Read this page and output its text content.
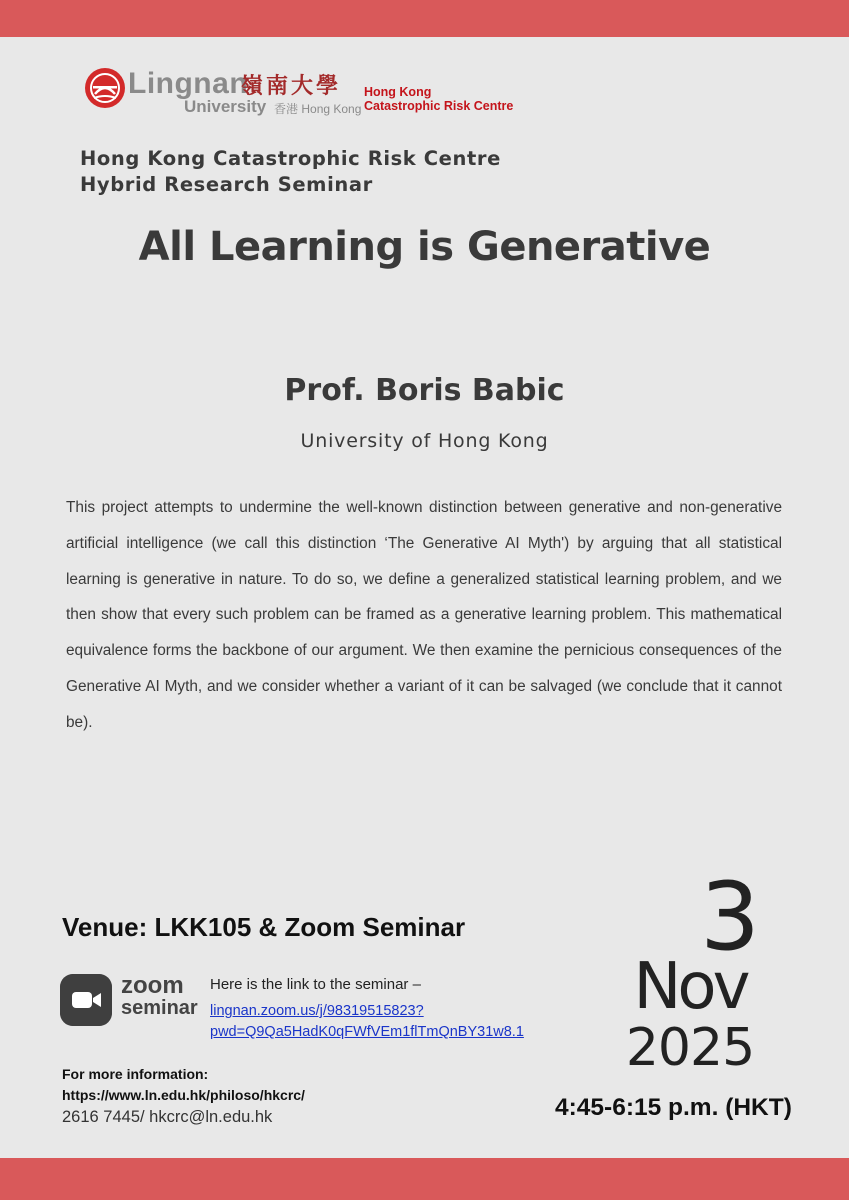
Lingnan
嶺南大學
University 香港 Hong Kong
Hong Kong
Catastrophic Risk Centre
Hong Kong Catastrophic Risk Centre
Hybrid Research Seminar
All Learning is Generative
Prof. Boris Babic
University of Hong Kong

This project attempts to undermine the well-known distinction between generative and non-generative artificial intelligence (we call this distinction ‘The Generative AI Myth') by arguing that all statistical learning is generative in nature. To do so, we define a generalized statistical learning problem, and we then show that every such problem can be framed as a generative learning problem. This mathematical equivalence forms the backbone of our argument. We then examine the pernicious consequences of the Generative AI Myth, and we consider whether a variant of it can be salvaged (we conclude that it cannot be).

Venue: LKK105 & Zoom Seminar
zoom
seminar
Here is the link to the seminar –
lingnan.zoom.us/j/98319515823?
pwd=Q9Qa5HadK0qFWfVEm1flTmQnBY31w8.1
For more information:
https://www.ln.edu.hk/philoso/hkcrc/
2616 7445/ hkcrc@ln.edu.hk
3
Nov
2025
4:45-6:15 p.m. (HKT)
